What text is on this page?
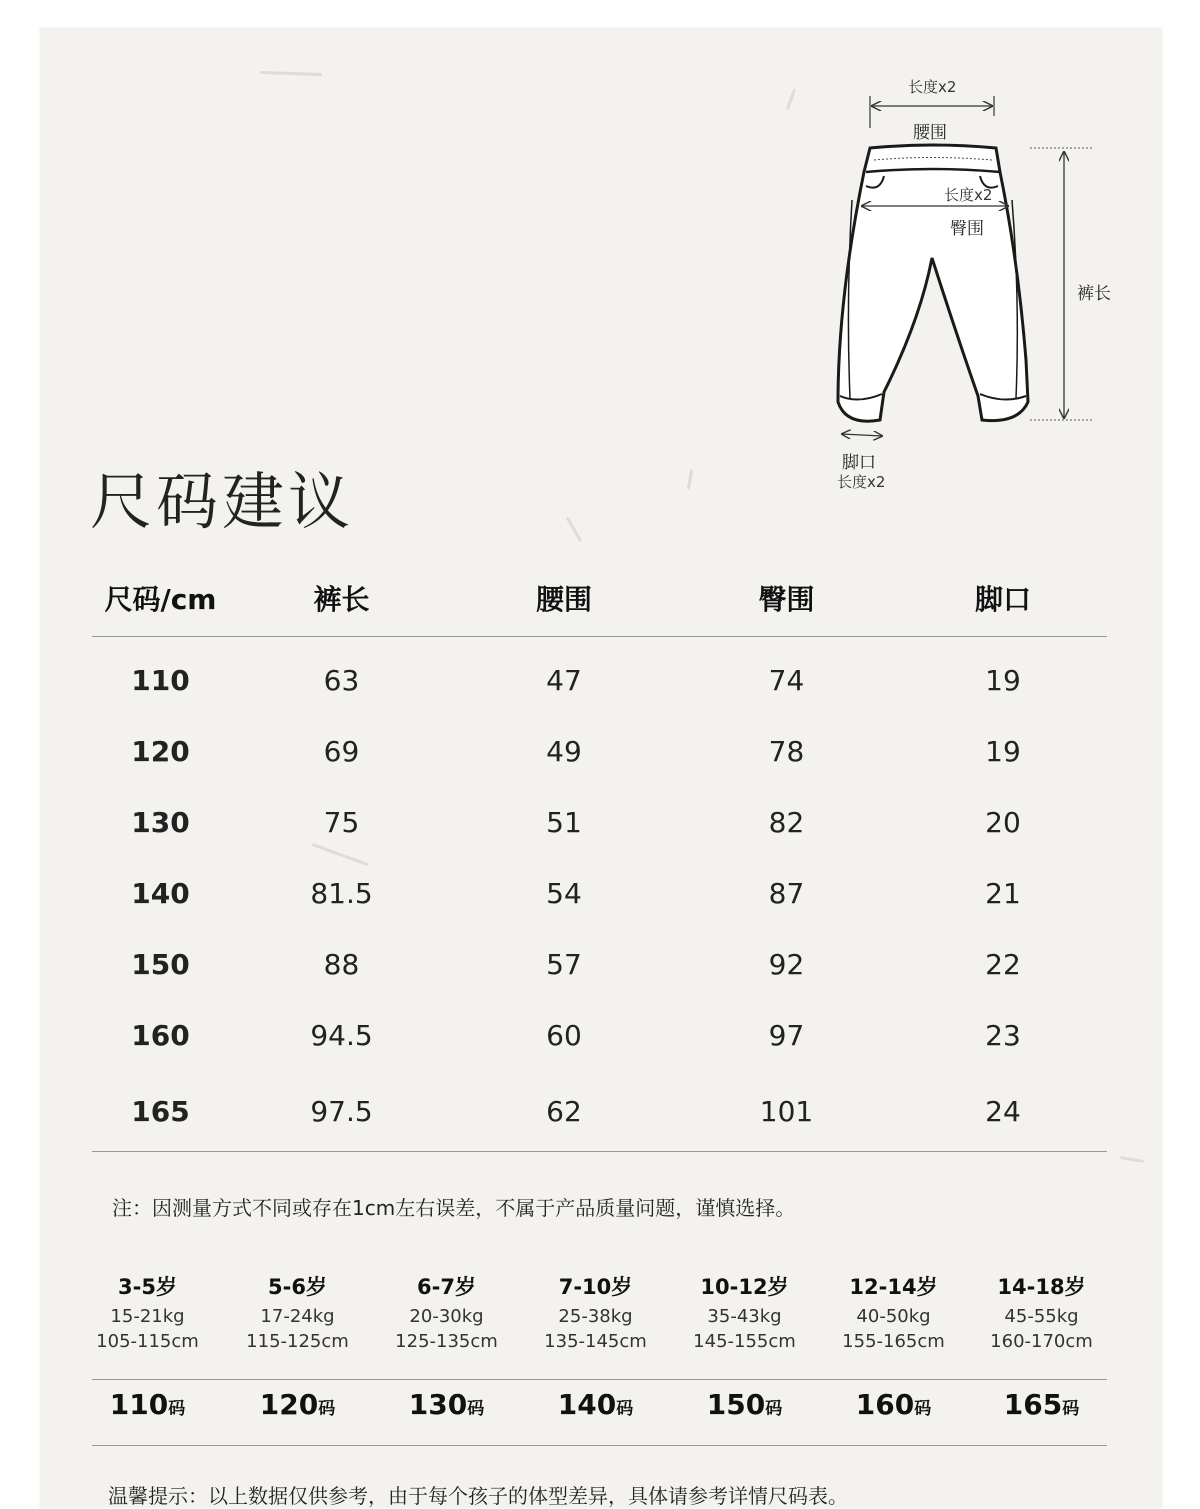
长度x2
腰围
长度x2
臀围
裤长
脚口
长度x2
尺码建议
尺码/cm	裤长	腰围	臀围	脚口
110	63	47	74	19
120	69	49	78	19
130	75	51	82	20
140	81.5	54	87	21
150	88	57	92	22
160	94.5	60	97	23
165	97.5	62	101	24
注：因测量方式不同或存在1cm左右误差，不属于产品质量问题，谨慎选择。
3-5岁
15-21kg
105-115cm
110码
5-6岁
17-24kg
115-125cm
120码
6-7岁
20-30kg
125-135cm
130码
7-10岁
25-38kg
135-145cm
140码
10-12岁
35-43kg
145-155cm
150码
12-14岁
40-50kg
155-165cm
160码
14-18岁
45-55kg
160-170cm
165码
温馨提示：以上数据仅供参考，由于每个孩子的体型差异，具体请参考详情尺码表。
